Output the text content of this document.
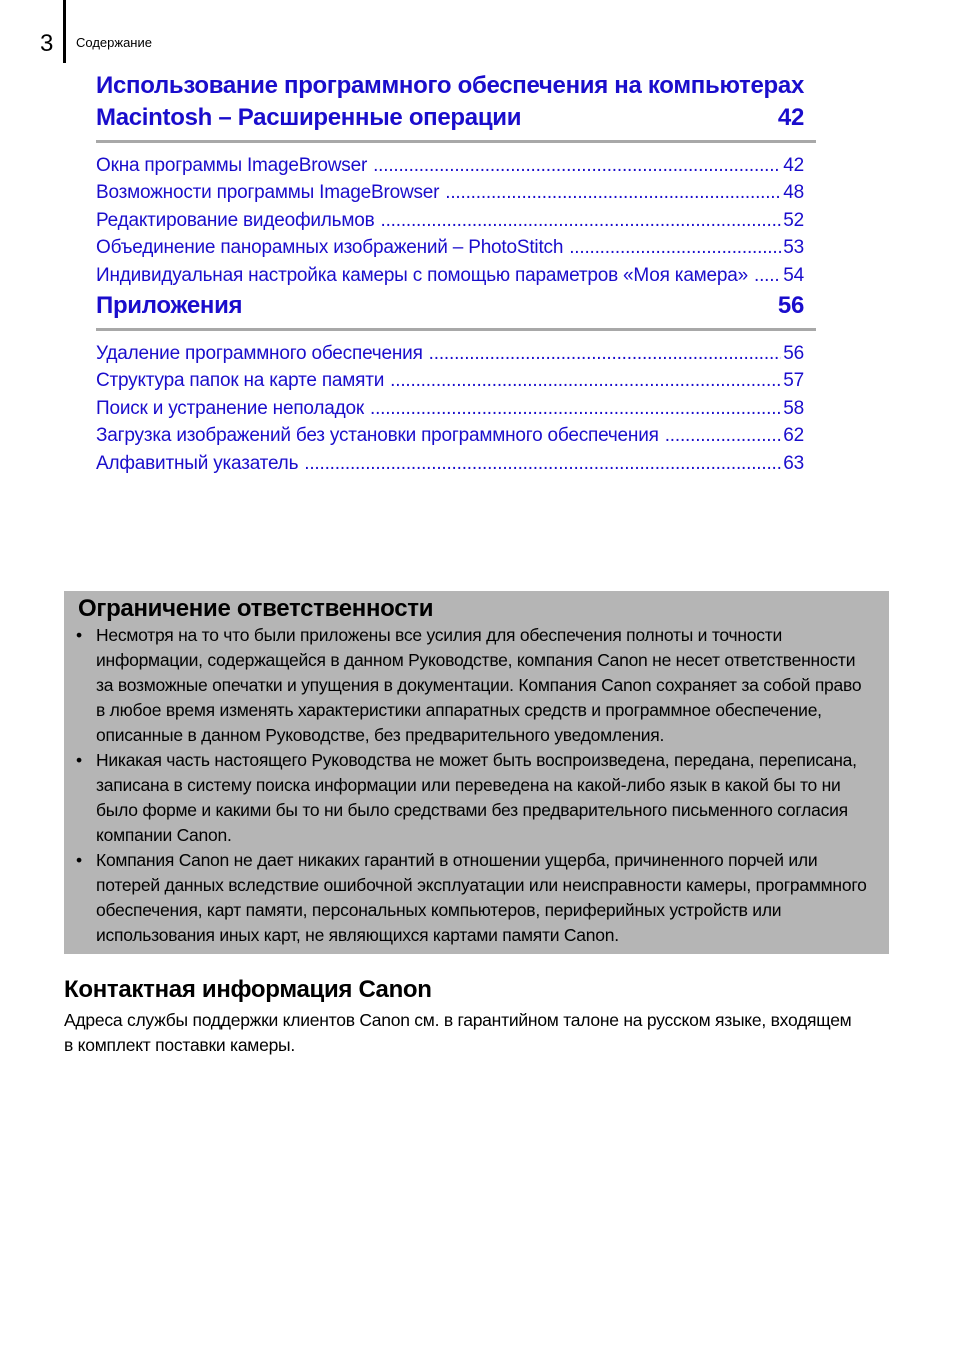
3 Содержание
Использование программного обеспечения на компьютерах
Macintosh – Расширенные операции	42
Окна программы ImageBrowser .....	42
Возможности программы ImageBrowser .....	48
Редактирование видеофильмов .....	52
Объединение панорамных изображений – PhotoStitch .....	53
Индивидуальная настройка камеры с помощью параметров «Моя камера» ..... 54
Приложения	56
Удаление программного обеспечения .....	56
Структура папок на карте памяти .....	57
Поиск и устранение неполадок .....	58
Загрузка изображений без установки программного обеспечения .....	62
Алфавитный указатель .....	63
Ограничение ответственности
• Несмотря на то что были приложены все усилия для обеспечения полноты и точности информации, содержащейся в данном Руководстве, компания Canon не несет ответственности за возможные опечатки и упущения в документации. Компания Canon сохраняет за собой право в любое время изменять характеристики аппаратных средств и программное обеспечение, описанные в данном Руководстве, без предварительного уведомления.
• Никакая часть настоящего Руководства не может быть воспроизведена, передана, переписана, записана в систему поиска информации или переведена на какой-либо язык в какой бы то ни было форме и какими бы то ни было средствами без предварительного письменного согласия компании Canon.
• Компания Canon не дает никаких гарантий в отношении ущерба, причиненного порчей или потерей данных вследствие ошибочной эксплуатации или неисправности камеры, программного обеспечения, карт памяти, персональных компьютеров, периферийных устройств или использования иных карт, не являющихся картами памяти Canon.
Контактная информация Canon

Адреса службы поддержки клиентов Canon см. в гарантийном талоне на русском языке, входящем в комплект поставки камеры.
